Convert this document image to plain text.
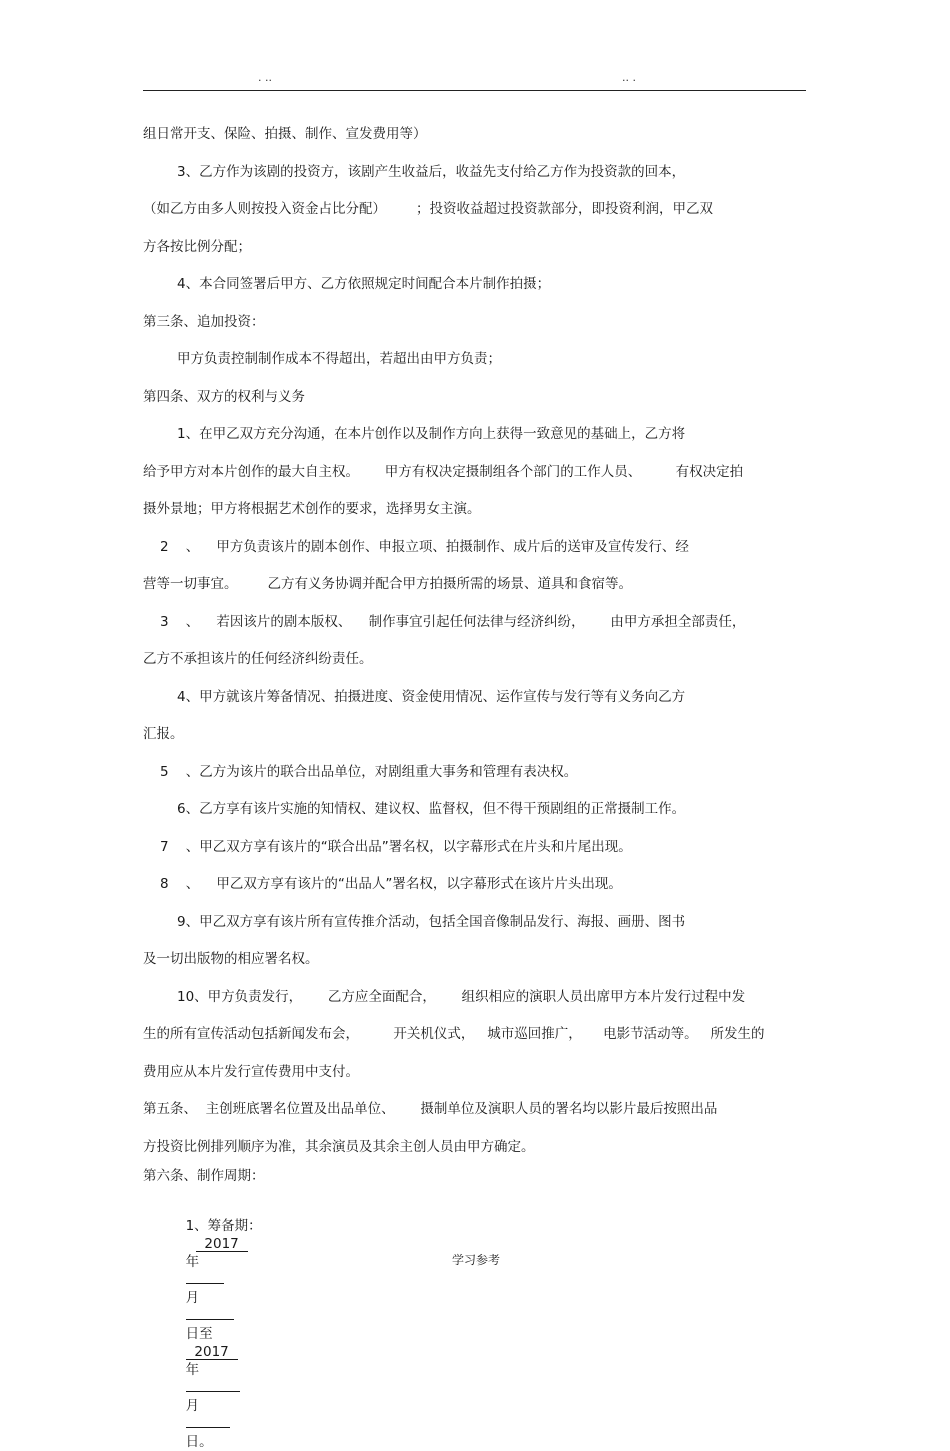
. ..	.. .
组日常开支、保险、拍摄、制作、宣发费用等）
3、乙方作为该剧的投资方，该剧产生收益后，收益先支付给乙方作为投资款的回本，
（如乙方由多人则按投入资金占比分配）       ；投资收益超过投资款部分，即投资利润，甲乙双
方各按比例分配；
4、本合同签署后甲方、乙方依照规定时间配合本片制作拍摄；
第三条、追加投资：
甲方负责控制制作成本不得超出，若超出由甲方负责；
第四条、双方的权利与义务
1、在甲乙双方充分沟通，在本片创作以及制作方向上获得一致意见的基础上，乙方将
给予甲方对本片创作的最大自主权。      甲方有权决定摄制组各个部门的工作人员、        有权决定拍
摄外景地；甲方将根据艺术创作的要求，选择男女主演。
2    、    甲方负责该片的剧本创作、申报立项、拍摄制作、成片后的送审及宣传发行、经
营等一切事宜。       乙方有义务协调并配合甲方拍摄所需的场景、道具和食宿等。
3    、    若因该片的剧本版权、    制作事宜引起任何法律与经济纠纷，      由甲方承担全部责任，
乙方不承担该片的任何经济纠纷责任。
4、甲方就该片筹备情况、拍摄进度、资金使用情况、运作宣传与发行等有义务向乙方
汇报。
5    、乙方为该片的联合出品单位，对剧组重大事务和管理有表决权。
6、乙方享有该片实施的知情权、建议权、监督权，但不得干预剧组的正常摄制工作。
7    、甲乙双方享有该片的“联合出品”署名权，以字幕形式在片头和片尾出现。
8    、    甲乙双方享有该片的“出品人”署名权，以字幕形式在该片片头出现。
9、甲乙双方享有该片所有宣传推介活动，包括全国音像制品发行、海报、画册、图书
及一切出版物的相应署名权。
10、甲方负责发行，      乙方应全面配合，      组织相应的演职人员出席甲方本片发行过程中发
生的所有宣传活动包括新闻发布会，        开关机仪式，   城市巡回推广，     电影节活动等。   所发生的
费用应从本片发行宣传费用中支付。
第五条、  主创班底署名位置及出品单位、      摄制单位及演职人员的署名均以影片最后按照出品
方投资比例排列顺序为准，其余演员及其余主创人员由甲方确定。
第六条、制作周期：

1、筹备期：
2017
年

月

日至
2017
年

月

日。

学习参考
